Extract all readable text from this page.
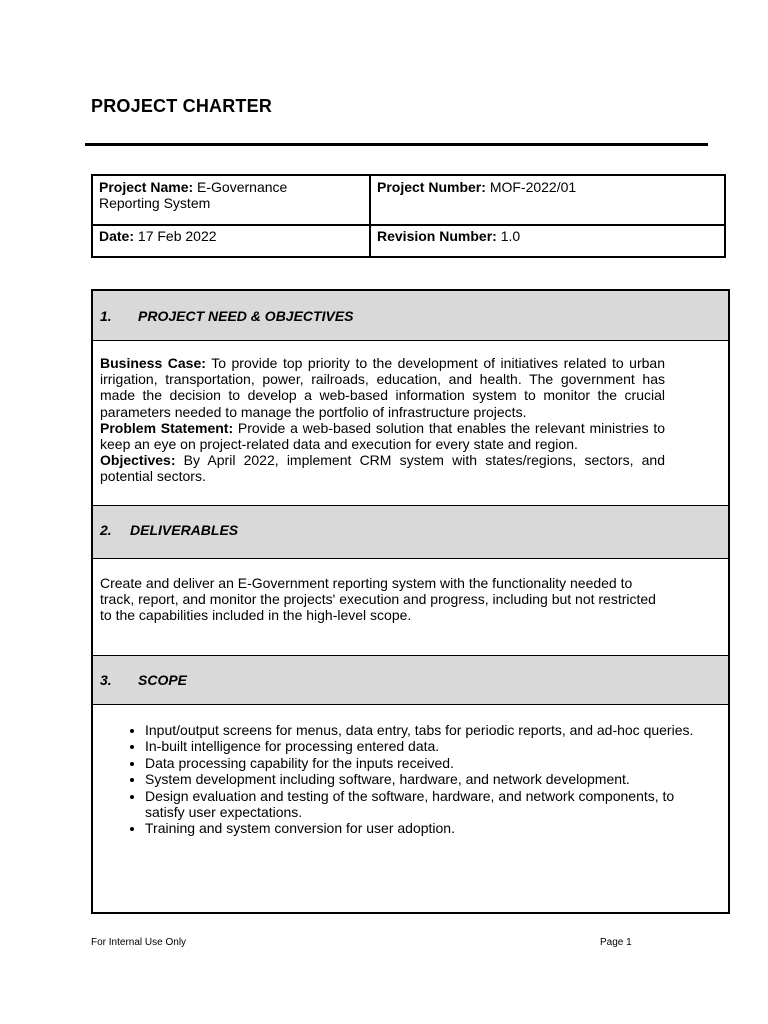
PROJECT CHARTER
Project Name: E-Governance Reporting System
Project Number: MOF-2022/01
Date: 17 Feb 2022	Revision Number: 1.0
1. PROJECT NEED & OBJECTIVES

Business Case: To provide top priority to the development of initiatives related to urban irrigation, transportation, power, railroads, education, and health. The government has made the decision to develop a web-based information system to monitor the crucial parameters needed to manage the portfolio of infrastructure projects.

Problem Statement: Provide a web-based solution that enables the relevant ministries to keep an eye on project-related data and execution for every state and region.

Objectives: By April 2022, implement CRM system with states/regions, sectors, and potential sectors.

2. DELIVERABLES

Create and deliver an E-Government reporting system with the functionality needed to track, report, and monitor the projects' execution and progress, including but not restricted to the capabilities included in the high-level scope.

3. SCOPE
• Input/output screens for menus, data entry, tabs for periodic reports, and ad-hoc queries.
• In-built intelligence for processing entered data.
• Data processing capability for the inputs received.
• System development including software, hardware, and network development.
• Design evaluation and testing of the software, hardware, and network components, to satisfy user expectations.
• Training and system conversion for user adoption.
For Internal Use Only	Page 1
